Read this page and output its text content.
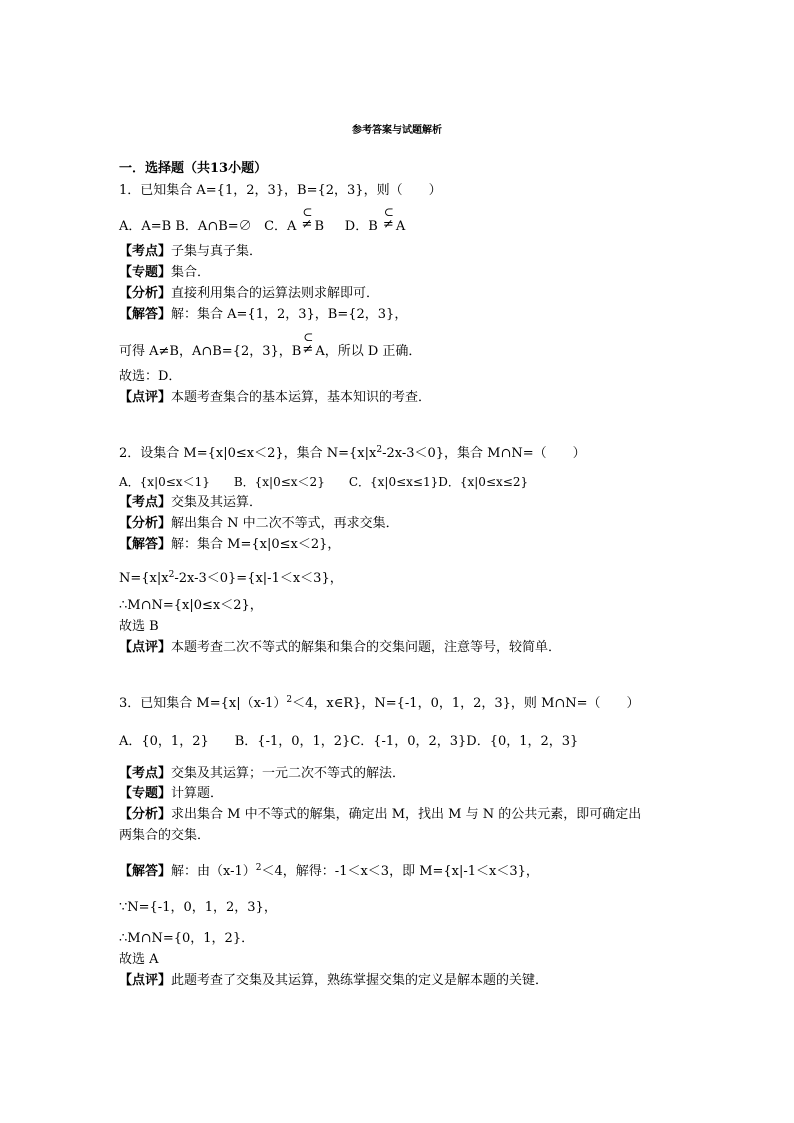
参考答案与试题解析
一．选择题（共13小题）
1．已知集合 A={1，2，3}，B={2，3}，则（　　）
A．A=B B．A∩B=∅ C．A
⊂
≠ B D．B
⊂
≠ A
【考点】子集与真子集．
【专题】集合．
【分析】直接利用集合的运算法则求解即可．
【解答】解：集合 A={1，2，3}，B={2，3}，
可得 A≠B，A∩B={2，3}，B
⊂
≠ A，所以 D 正确．
故选：D．
【点评】本题考查集合的基本运算，基本知识的考查．
2．设集合 M={x|0≤x＜2}，集合 $N=\{x|x^2-2x-3<0\}$，集合 M∩N=（　　）
A．{x|0≤x＜1}　　B．{x|0≤x＜2}　　C．{x|0≤x≤1}D．{x|0≤x≤2}
【考点】交集及其运算．
【分析】解出集合 N 中二次不等式，再求交集．
【解答】解：集合 M={x|0≤x＜2}，
$N=\{x|x^2-2x-3<0\}=\{x|-1<x<3\}$，
∴M∩N={x|0≤x＜2}，
故选 B
【点评】本题考查二次不等式的解集和集合的交集问题，注意等号，较简单．
3．已知集合 $M=\{x|(x-1)^2<4$，x∈R}，N={-1，0，1，2，3}，则 M∩N=（　　）
A．{0，1，2}　　B．{-1，0，1，2}C．{-1，0，2，3}D．{0，1，2，3}
【考点】交集及其运算；一元二次不等式的解法．
【专题】计算题．
【分析】求出集合 M 中不等式的解集，确定出 M，找出 M 与 N 的公共元素，即可确定出
两集合的交集．
【解答】解：由$(x-1)^2<4$，解得：-1＜x＜3，即 M={x|-1＜x＜3}，
∵N={-1，0，1，2，3}，
∴M∩N={0，1，2}．
故选 A
【点评】此题考查了交集及其运算，熟练掌握交集的定义是解本题的关键．
